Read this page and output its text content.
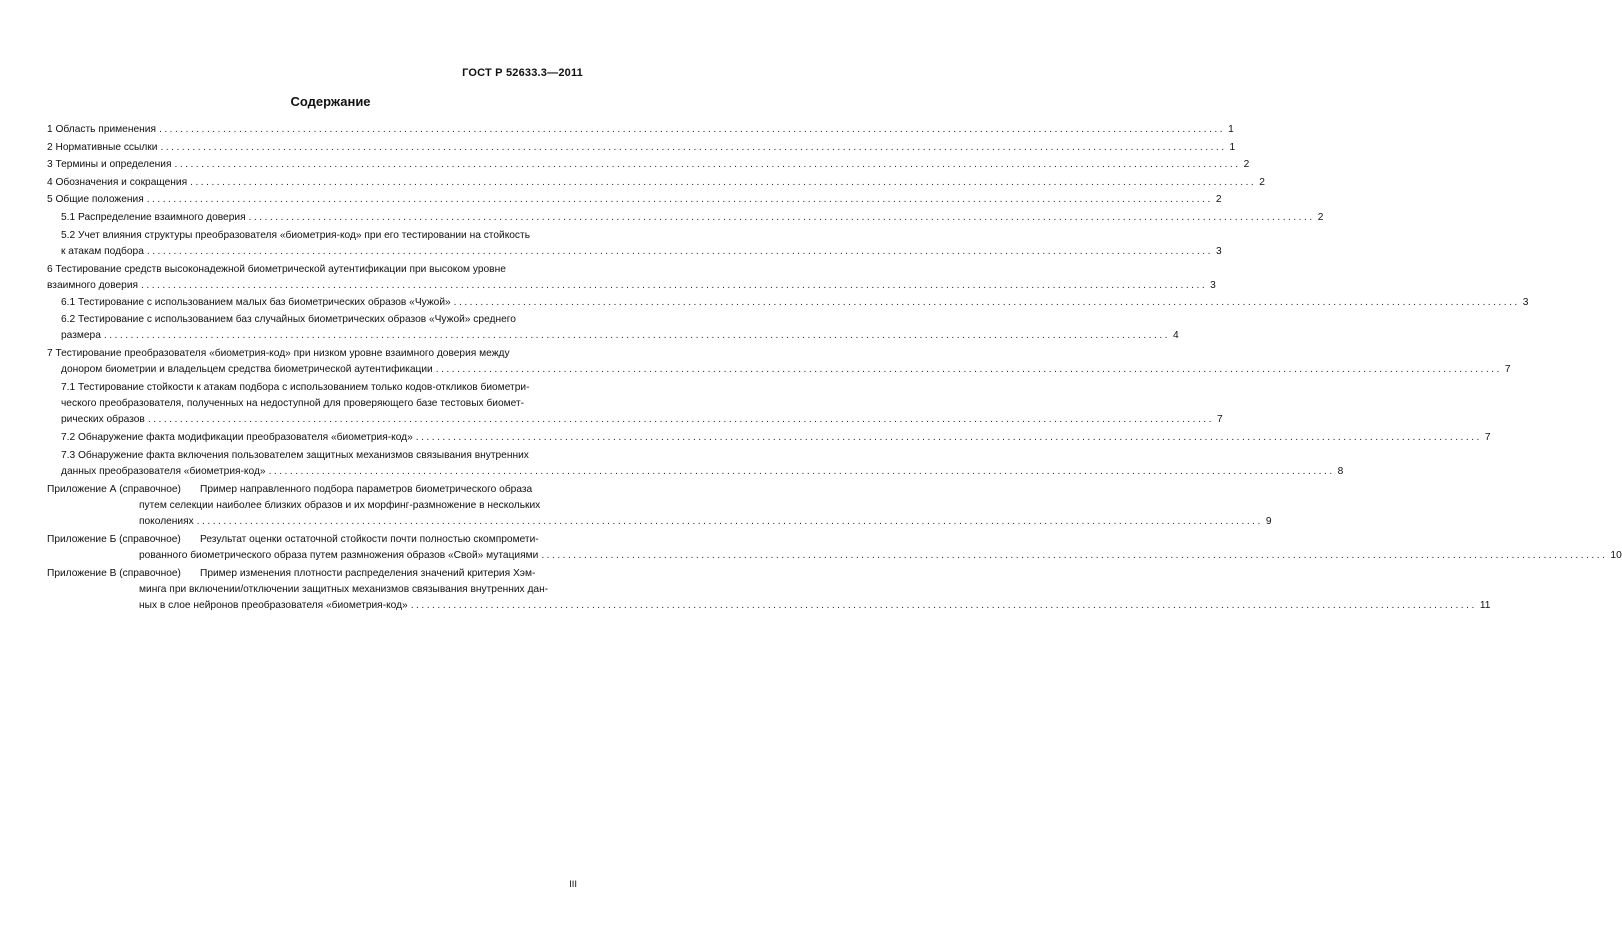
ГОСТ Р 52633.3—2011
Содержание
1 Область применения ........................................................................................................................................................................................................ 1
2 Нормативные ссылки ........................................................................................................................................................................................................ 1
3 Термины и определения ........................................................................................................................................................................................................ 2
4 Обозначения и сокращения ........................................................................................................................................................................................................ 2
5 Общие положения ........................................................................................................................................................................................................ 2
5.1 Распределение взаимного доверия ........................................................................................................................................................................................................ 2
5.2 Учет влияния структуры преобразователя «биометрия-код» при его тестировании на стойкость
к атакам подбора ........................................................................................................................................................................................................ 3
6 Тестирование средств высоконадежной биометрической аутентификации при высоком уровне
взаимного доверия ........................................................................................................................................................................................................ 3
6.1 Тестирование с использованием малых баз биометрических образов «Чужой» ........................................................................................................................................................................................................ 3
6.2 Тестирование с использованием баз случайных биометрических образов «Чужой» среднего
размера ........................................................................................................................................................................................................ 4
7 Тестирование преобразователя «биометрия-код» при низком уровне взаимного доверия между
донором биометрии и владельцем средства биометрической аутентификации ........................................................................................................................................................................................................ 7
7.1 Тестирование стойкости к атакам подбора с использованием только кодов-откликов биометри-
ческого преобразователя, полученных на недоступной для проверяющего базе тестовых биомет-
рических образов ........................................................................................................................................................................................................ 7
7.2 Обнаружение факта модификации преобразователя «биометрия-код» ........................................................................................................................................................................................................ 7
7.3 Обнаружение факта включения пользователем защитных механизмов связывания внутренних
данных преобразователя «биометрия-код» ........................................................................................................................................................................................................ 8
Приложение А (справочное) Пример направленного подбора параметров биометрического образа
путем селекции наиболее близких образов и их морфинг-размножение в нескольких
поколениях ........................................................................................................................................................................................................ 9
Приложение Б (справочное) Результат оценки остаточной стойкости почти полностью скомпромети-
рованного биометрического образа путем размножения образов «Свой» мутациями ........................................................................................................................................................................................................ 10
Приложение В (справочное) Пример изменения плотности распределения значений критерия Хэм-
минга при включении/отключении защитных механизмов связывания внутренних дан-
ных в слое нейронов преобразователя «биометрия-код» ........................................................................................................................................................................................................ 11
III
